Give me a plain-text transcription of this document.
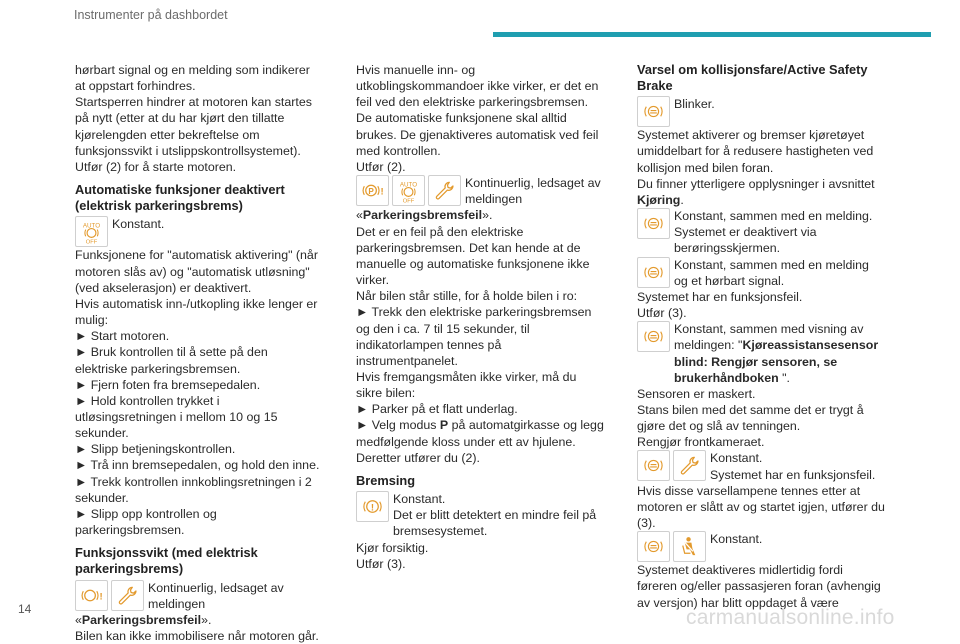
Instrumenter på dashbordet

hørbart signal og en melding som indikerer at oppstart forhindres.

Startsperren hindrer at motoren kan startes på nytt (etter at du har kjørt den tillatte kjørelengden etter bekreftelse om funksjonssvikt i utslippskontrollsystemet).

Utfør (2) for å starte motoren.

Automatiske funksjoner deaktivert (elektrisk parkeringsbrems)
AUTO
OFF
Konstant.

Funksjonene for "automatisk aktivering" (når motoren slås av) og "automatisk utløsning" (ved akselerasjon) er deaktivert.

Hvis automatisk inn-/utkopling ikke lenger er mulig:

► Start motoren.

► Bruk kontrollen til å sette på den elektriske parkeringsbremsen.

► Fjern foten fra bremsepedalen.

► Hold kontrollen trykket i utløsingsretningen i mellom 10 og 15 sekunder.

► Slipp betjeningskontrollen.

► Trå inn bremsepedalen, og hold den inne.

► Trekk kontrollen innkoblingsretningen i 2 sekunder.

► Slipp opp kontrollen og parkeringsbremsen.

Funksjonssvikt (med elektrisk parkeringsbrems)
!
Kontinuerlig, ledsaget av meldingen

«Parkeringsbremsfeil».

Bilen kan ikke immobilisere når motoren går.

Hvis manuelle inn- og utkoblingskommandoer ikke virker, er det en feil ved den elektriske parkeringsbremsen.

De automatiske funksjonene skal alltid brukes. De gjenaktiveres automatisk ved feil med kontrollen.

Utfør (2).

P !
AUTO
OFF
Kontinuerlig, ledsaget av meldingen

«Parkeringsbremsfeil».

Det er en feil på den elektriske parkeringsbremsen. Det kan hende at de manuelle og automatiske funksjonene ikke virker.

Når bilen står stille, for å holde bilen i ro:

► Trekk den elektriske parkeringsbremsen og den i ca. 7 til 15 sekunder, til indikatorlampen tennes på instrumentpanelet.

Hvis fremgangsmåten ikke virker, må du sikre bilen:

► Parker på et flatt underlag.

► Velg modus P på automatgirkasse og legg medfølgende kloss under ett av hjulene.

Deretter utfører du (2).

Bremsing
!
Konstant.
Det er blitt detektert en mindre feil på bremsesystemet.

Kjør forsiktig.

Utfør (3).

Varsel om kollisjonsfare/Active Safety Brake
Blinker.

Systemet aktiverer og bremser kjøretøyet umiddelbart for å redusere hastigheten ved kollisjon med bilen foran.

Du finner ytterligere opplysninger i avsnittet Kjøring.

Konstant, sammen med en melding.
Systemet er deaktivert via berøringsskjermen.
Konstant, sammen med en melding og et hørbart signal.

Systemet har en funksjonsfeil.

Utfør (3).

Konstant, sammen med visning av meldingen: "Kjøreassistansesensor blind: Rengjør sensoren, se brukerhåndboken ".

Sensoren er maskert.

Stans bilen med det samme det er trygt å gjøre det og slå av tenningen.

Rengjør frontkameraet.

Konstant.
Systemet har en funksjonsfeil.

Hvis disse varsellampene tennes etter at motoren er slått av og startet igjen, utfører du (3).

Konstant.

Systemet deaktiveres midlertidig fordi føreren og/eller passasjeren foran (avhengig av versjon) har blitt oppdaget å være

14	carmanualsonline.info
